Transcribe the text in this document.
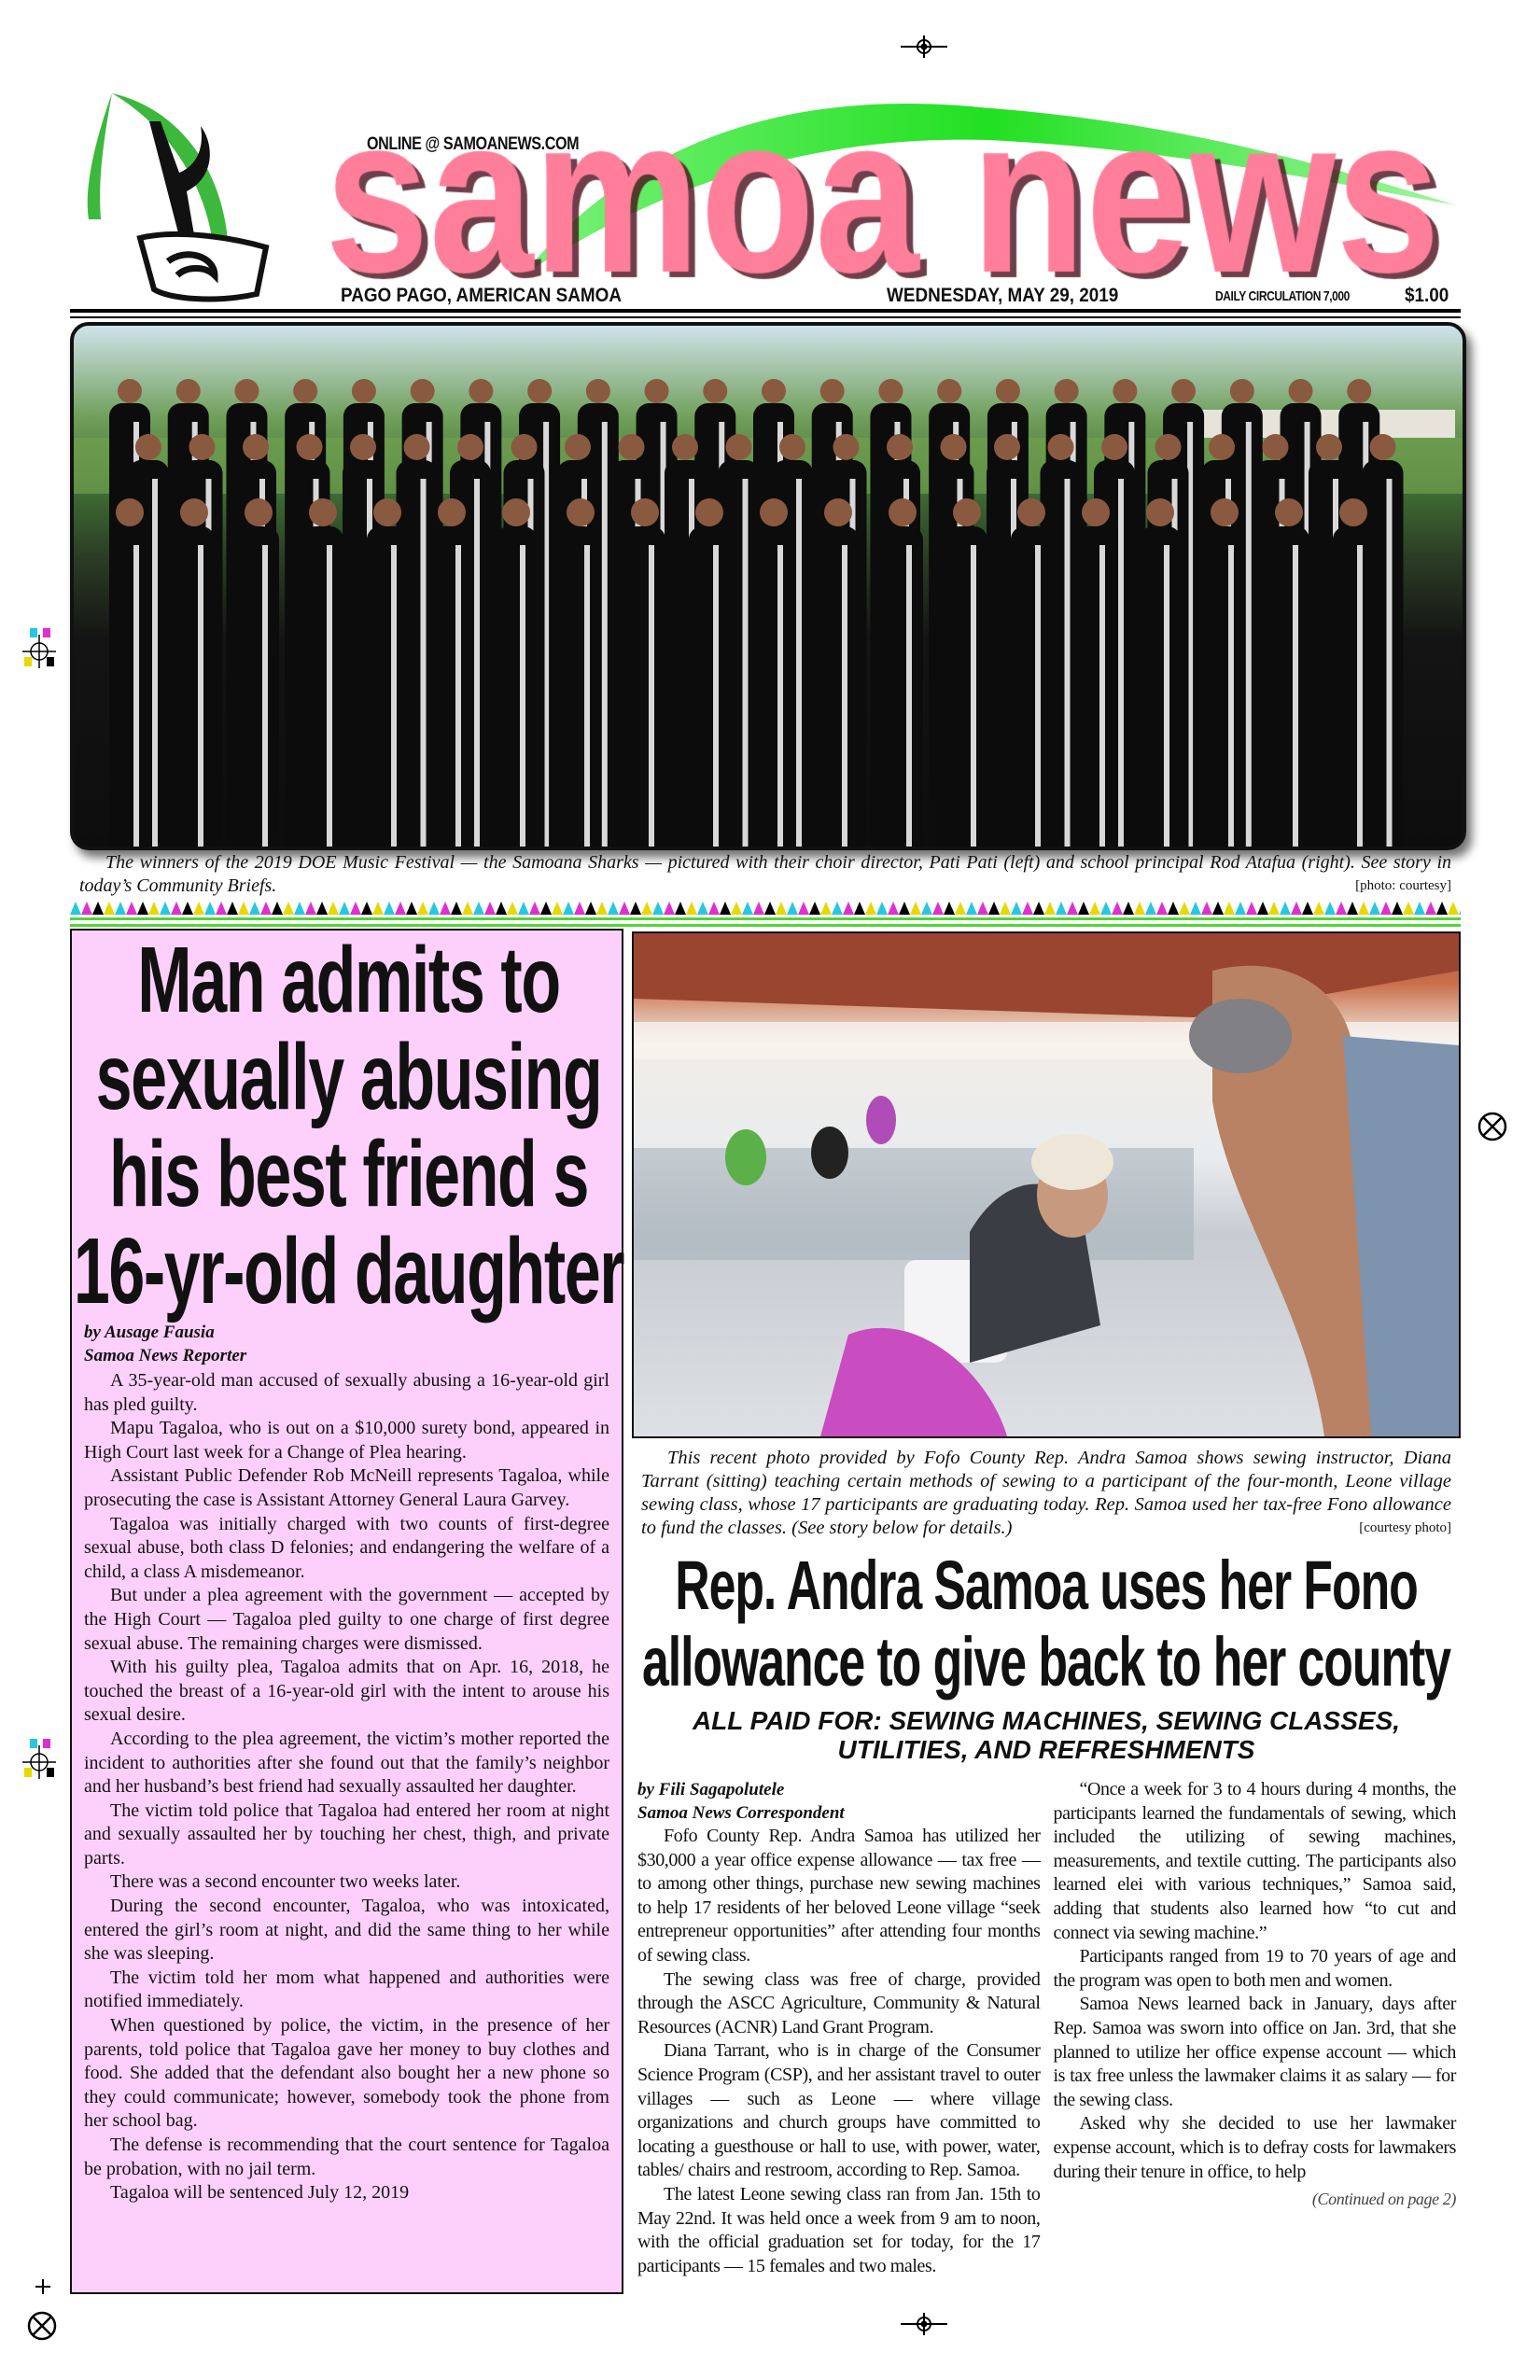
ONLINE @ SAMOANEWS.COM
PAGO PAGO, AMERICAN SAMOA	WEDNESDAY, MAY 29, 2019	DAILY CIRCULATION 7,000	$1.00
The winners of the 2019 DOE Music Festival — the Samoana Sharks — pictured with their choir director, Pati Pati (left) and school principal Rod Atafua (right). See story in today’s Community Briefs.	[photo: courtesy]
Man admits to
sexually abusing
his best friend s
16-yr-old daughter
by Ausage Fausia
Samoa News Reporter

A 35-year-old man accused of sexually abusing a 16-year-old girl has pled guilty.

Mapu Tagaloa, who is out on a $10,000 surety bond, appeared in High Court last week for a Change of Plea hearing.

Assistant Public Defender Rob McNeill represents Tagaloa, while prosecuting the case is Assistant Attorney General Laura Garvey.

Tagaloa was initially charged with two counts of first-degree sexual abuse, both class D felonies; and endangering the welfare of a child, a class A misdemeanor.

But under a plea agreement with the government — accepted by the High Court — Tagaloa pled guilty to one charge of first degree sexual abuse. The remaining charges were dismissed.

With his guilty plea, Tagaloa admits that on Apr. 16, 2018, he touched the breast of a 16-year-old girl with the intent to arouse his sexual desire.

According to the plea agreement, the victim’s mother reported the incident to authorities after she found out that the family’s neighbor and her husband’s best friend had sexually assaulted her daughter.

The victim told police that Tagaloa had entered her room at night and sexually assaulted her by touching her chest, thigh, and private parts.

There was a second encounter two weeks later.

During the second encounter, Tagaloa, who was intoxicated, entered the girl’s room at night, and did the same thing to her while she was sleeping.

The victim told her mom what happened and authorities were notified immediately.

When questioned by police, the victim, in the presence of her parents, told police that Tagaloa gave her money to buy clothes and food. She added that the defendant also bought her a new phone so they could communicate; however, somebody took the phone from her school bag.

The defense is recommending that the court sentence for Tagaloa be probation, with no jail term.

Tagaloa will be sentenced July 12, 2019

This recent photo provided by Fofo County Rep. Andra Samoa shows sewing instructor, Diana Tarrant (sitting) teaching certain methods of sewing to a participant of the four-month, Leone village sewing class, whose 17 participants are graduating today. Rep. Samoa used her tax-free Fono allowance to fund the classes. (See story below for details.)	[courtesy photo]
Rep. Andra Samoa uses her Fono
allowance to give back to her county
ALL PAID FOR: SEWING MACHINES, SEWING CLASSES,
UTILITIES, AND REFRESHMENTS
by Fili Sagapolutele
Samoa News Correspondent

Fofo County Rep. Andra Samoa has utilized her $30,000 a year office expense allowance — tax free — to among other things, purchase new sewing machines to help 17 residents of her beloved Leone village “seek entrepreneur opportunities” after attending four months of sewing class.

The sewing class was free of charge, provided through the ASCC Agriculture, Community & Natural Resources (ACNR) Land Grant Program.

Diana Tarrant, who is in charge of the Consumer Science Program (CSP), and her assistant travel to outer villages — such as Leone — where village organizations and church groups have committed to locating a guesthouse or hall to use, with power, water, tables/ chairs and restroom, according to Rep. Samoa.

The latest Leone sewing class ran from Jan. 15th to May 22nd. It was held once a week from 9 am to noon, with the official graduation set for today, for the 17 participants — 15 females and two males.

“Once a week for 3 to 4 hours during 4 months, the participants learned the fundamentals of sewing, which included the utilizing of sewing machines, measurements, and textile cutting. The participants also learned elei with various techniques,” Samoa said, adding that students also learned how “to cut and connect via sewing machine.”

Participants ranged from 19 to 70 years of age and the program was open to both men and women.

Samoa News learned back in January, days after Rep. Samoa was sworn into office on Jan. 3rd, that she planned to utilize her office expense account — which is tax free unless the lawmaker claims it as salary — for the sewing class.

Asked why she decided to use her lawmaker expense account, which is to defray costs for lawmakers during their tenure in office, to help

(Continued on page 2)
